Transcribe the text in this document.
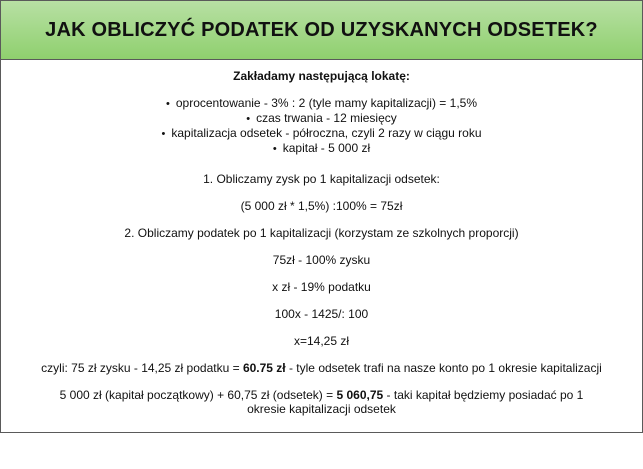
JAK OBLICZYĆ PODATEK OD UZYSKANYCH ODSETEK?
Zakładamy następującą lokatę:
• oprocentowanie - 3% : 2 (tyle mamy kapitalizacji) = 1,5%
• czas trwania - 12 miesięcy
• kapitalizacja odsetek - półroczna, czyli 2 razy w ciągu roku
• kapitał - 5 000 zł

1. Obliczamy zysk po 1 kapitalizacji odsetek:

(5 000 zł * 1,5%) :100% = 75zł

2. Obliczamy podatek po 1 kapitalizacji (korzystam ze szkolnych proporcji)

75zł - 100% zysku

x zł - 19% podatku

100x - 1425/: 100

x=14,25 zł

czyli: 75 zł zysku - 14,25 zł podatku = 60.75 zł - tyle odsetek trafi na nasze konto po 1 okresie kapitalizacji

5 000 zł (kapitał początkowy) + 60,75 zł (odsetek) = 5 060,75 - taki kapitał będziemy posiadać po 1 okresie kapitalizacji odsetek
